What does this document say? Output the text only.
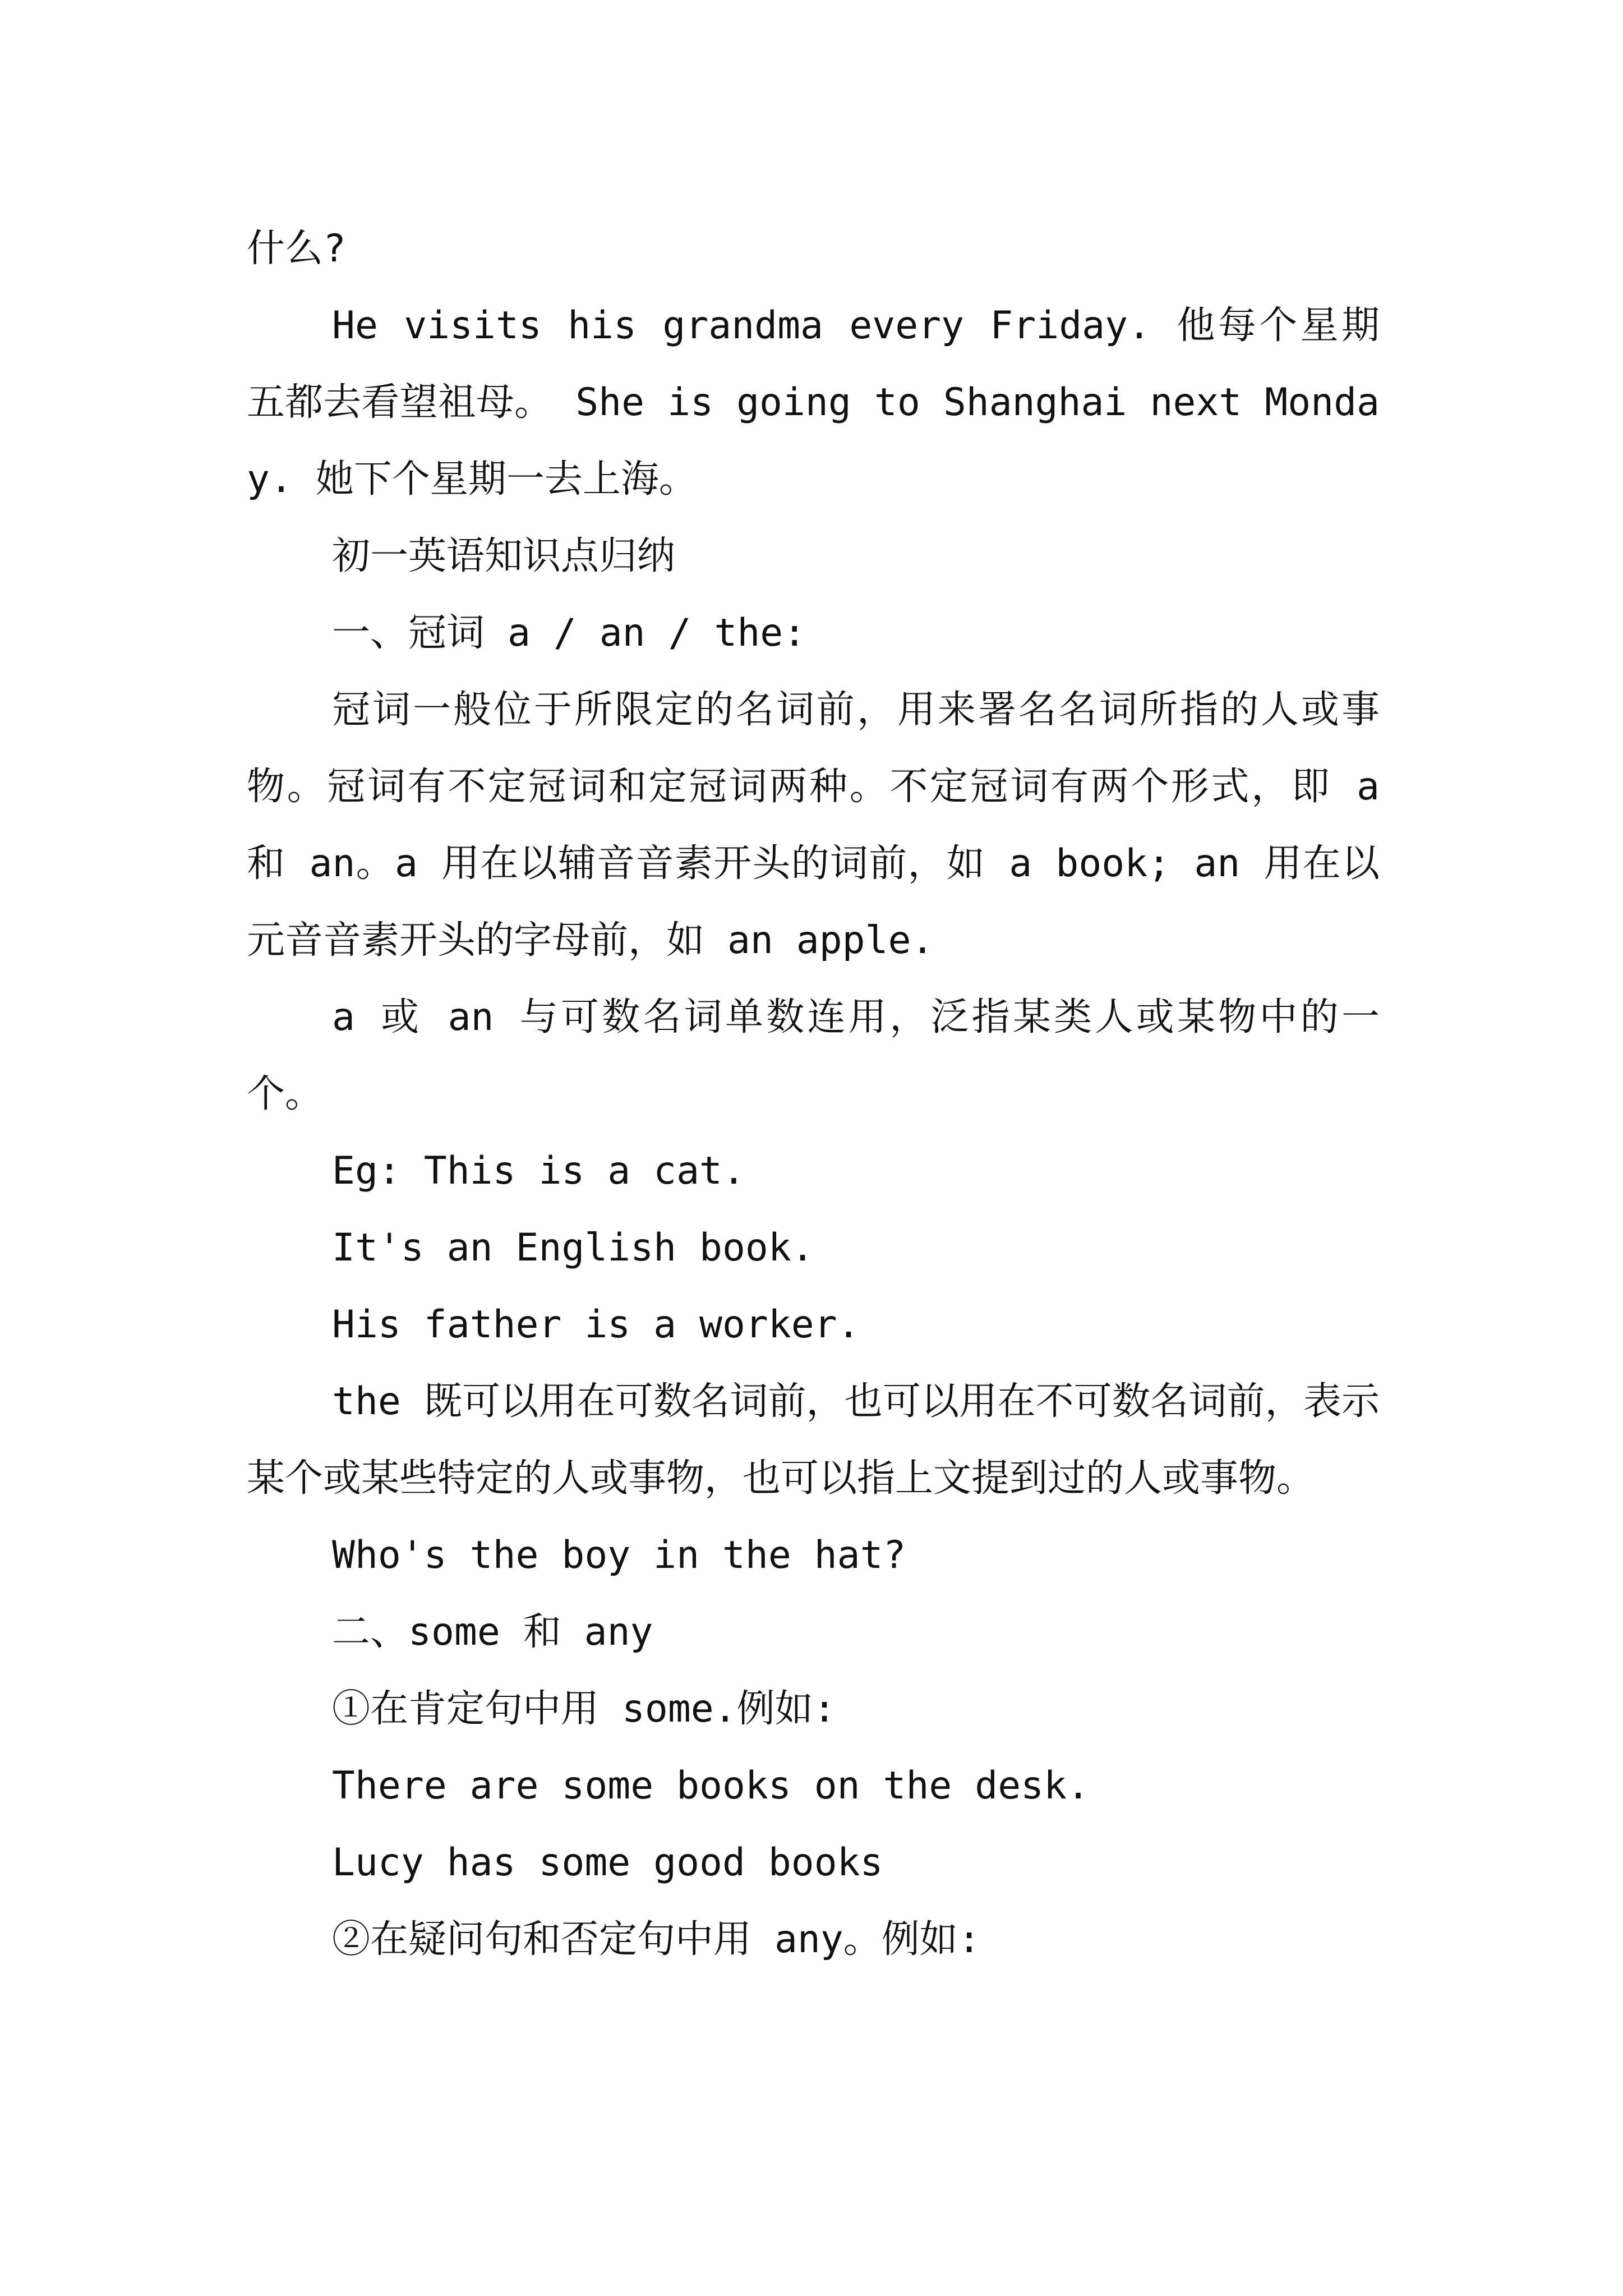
什么?

He visits his grandma every Friday. 他每个星期五都去看望祖母。 She is going to Shanghai next Monday. 她下个星期一去上海。

初一英语知识点归纳

一、冠词 a / an / the:

冠词一般位于所限定的名词前，用来署名名词所指的人或事物。冠词有不定冠词和定冠词两种。不定冠词有两个形式，即 a 和 an。a 用在以辅音音素开头的词前，如 a book; an 用在以元音音素开头的字母前，如 an apple.

a 或 an 与可数名词单数连用，泛指某类人或某物中的一个。

Eg: This is a cat.

It's an English book.

His father is a worker.

the 既可以用在可数名词前，也可以用在不可数名词前，表示某个或某些特定的人或事物，也可以指上文提到过的人或事物。

Who's the boy in the hat?

二、some 和 any

①在肯定句中用 some.例如:

There are some books on the desk.

Lucy has some good books

②在疑问句和否定句中用 any。例如:
